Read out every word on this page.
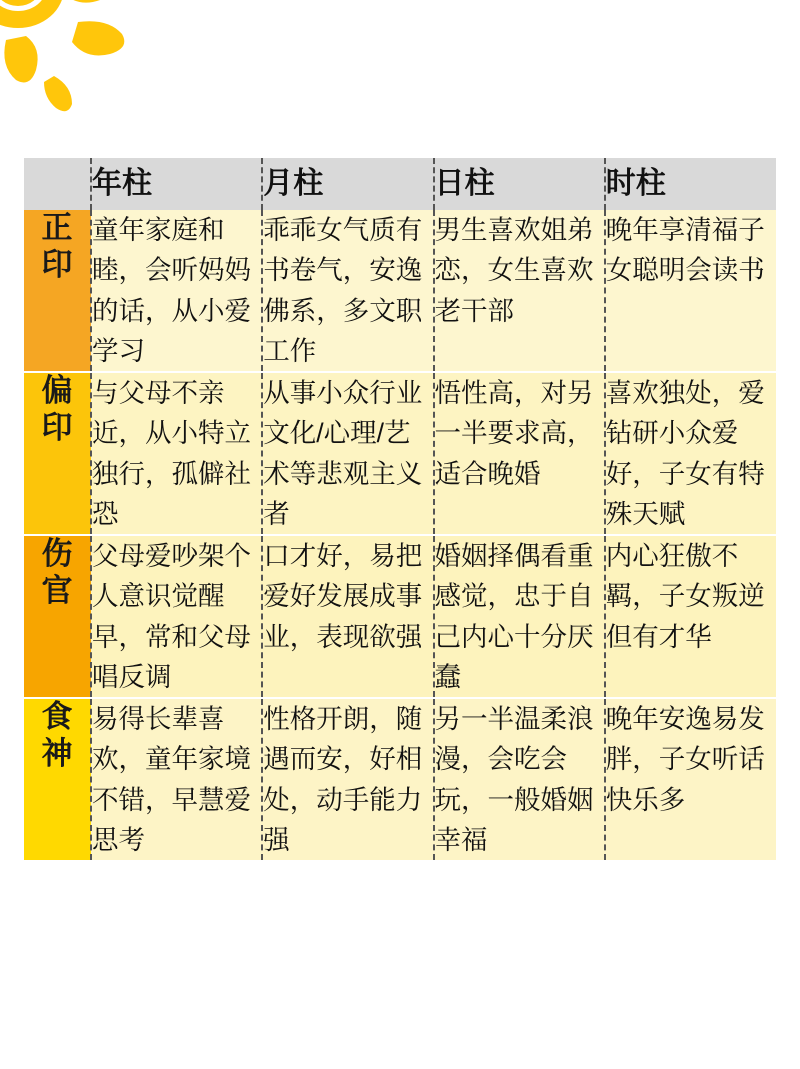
	年柱	月柱	日柱	时柱

正
印	童年家庭和睦，会听妈妈的话，从小爱学习	乖乖女气质有书卷气，安逸佛系，多文职工作	男生喜欢姐弟恋，女生喜欢老干部	晚年享清福子女聪明会读书

偏
印	与父母不亲近，从小特立独行，孤僻社恐	从事小众行业文化/心理/艺术等悲观主义者	悟性高，对另一半要求高，适合晚婚	喜欢独处，爱钻研小众爱好，子女有特殊天赋

伤
官	父母爱吵架个人意识觉醒早，常和父母唱反调	口才好，易把爱好发展成事业，表现欲强	婚姻择偶看重感觉，忠于自己内心十分厌蠢	内心狂傲不羁，子女叛逆但有才华

食
神	易得长辈喜欢，童年家境不错，早慧爱思考	性格开朗，随遇而安，好相处，动手能力强	另一半温柔浪漫，会吃会玩，一般婚姻幸福	晚年安逸易发胖，子女听话快乐多
